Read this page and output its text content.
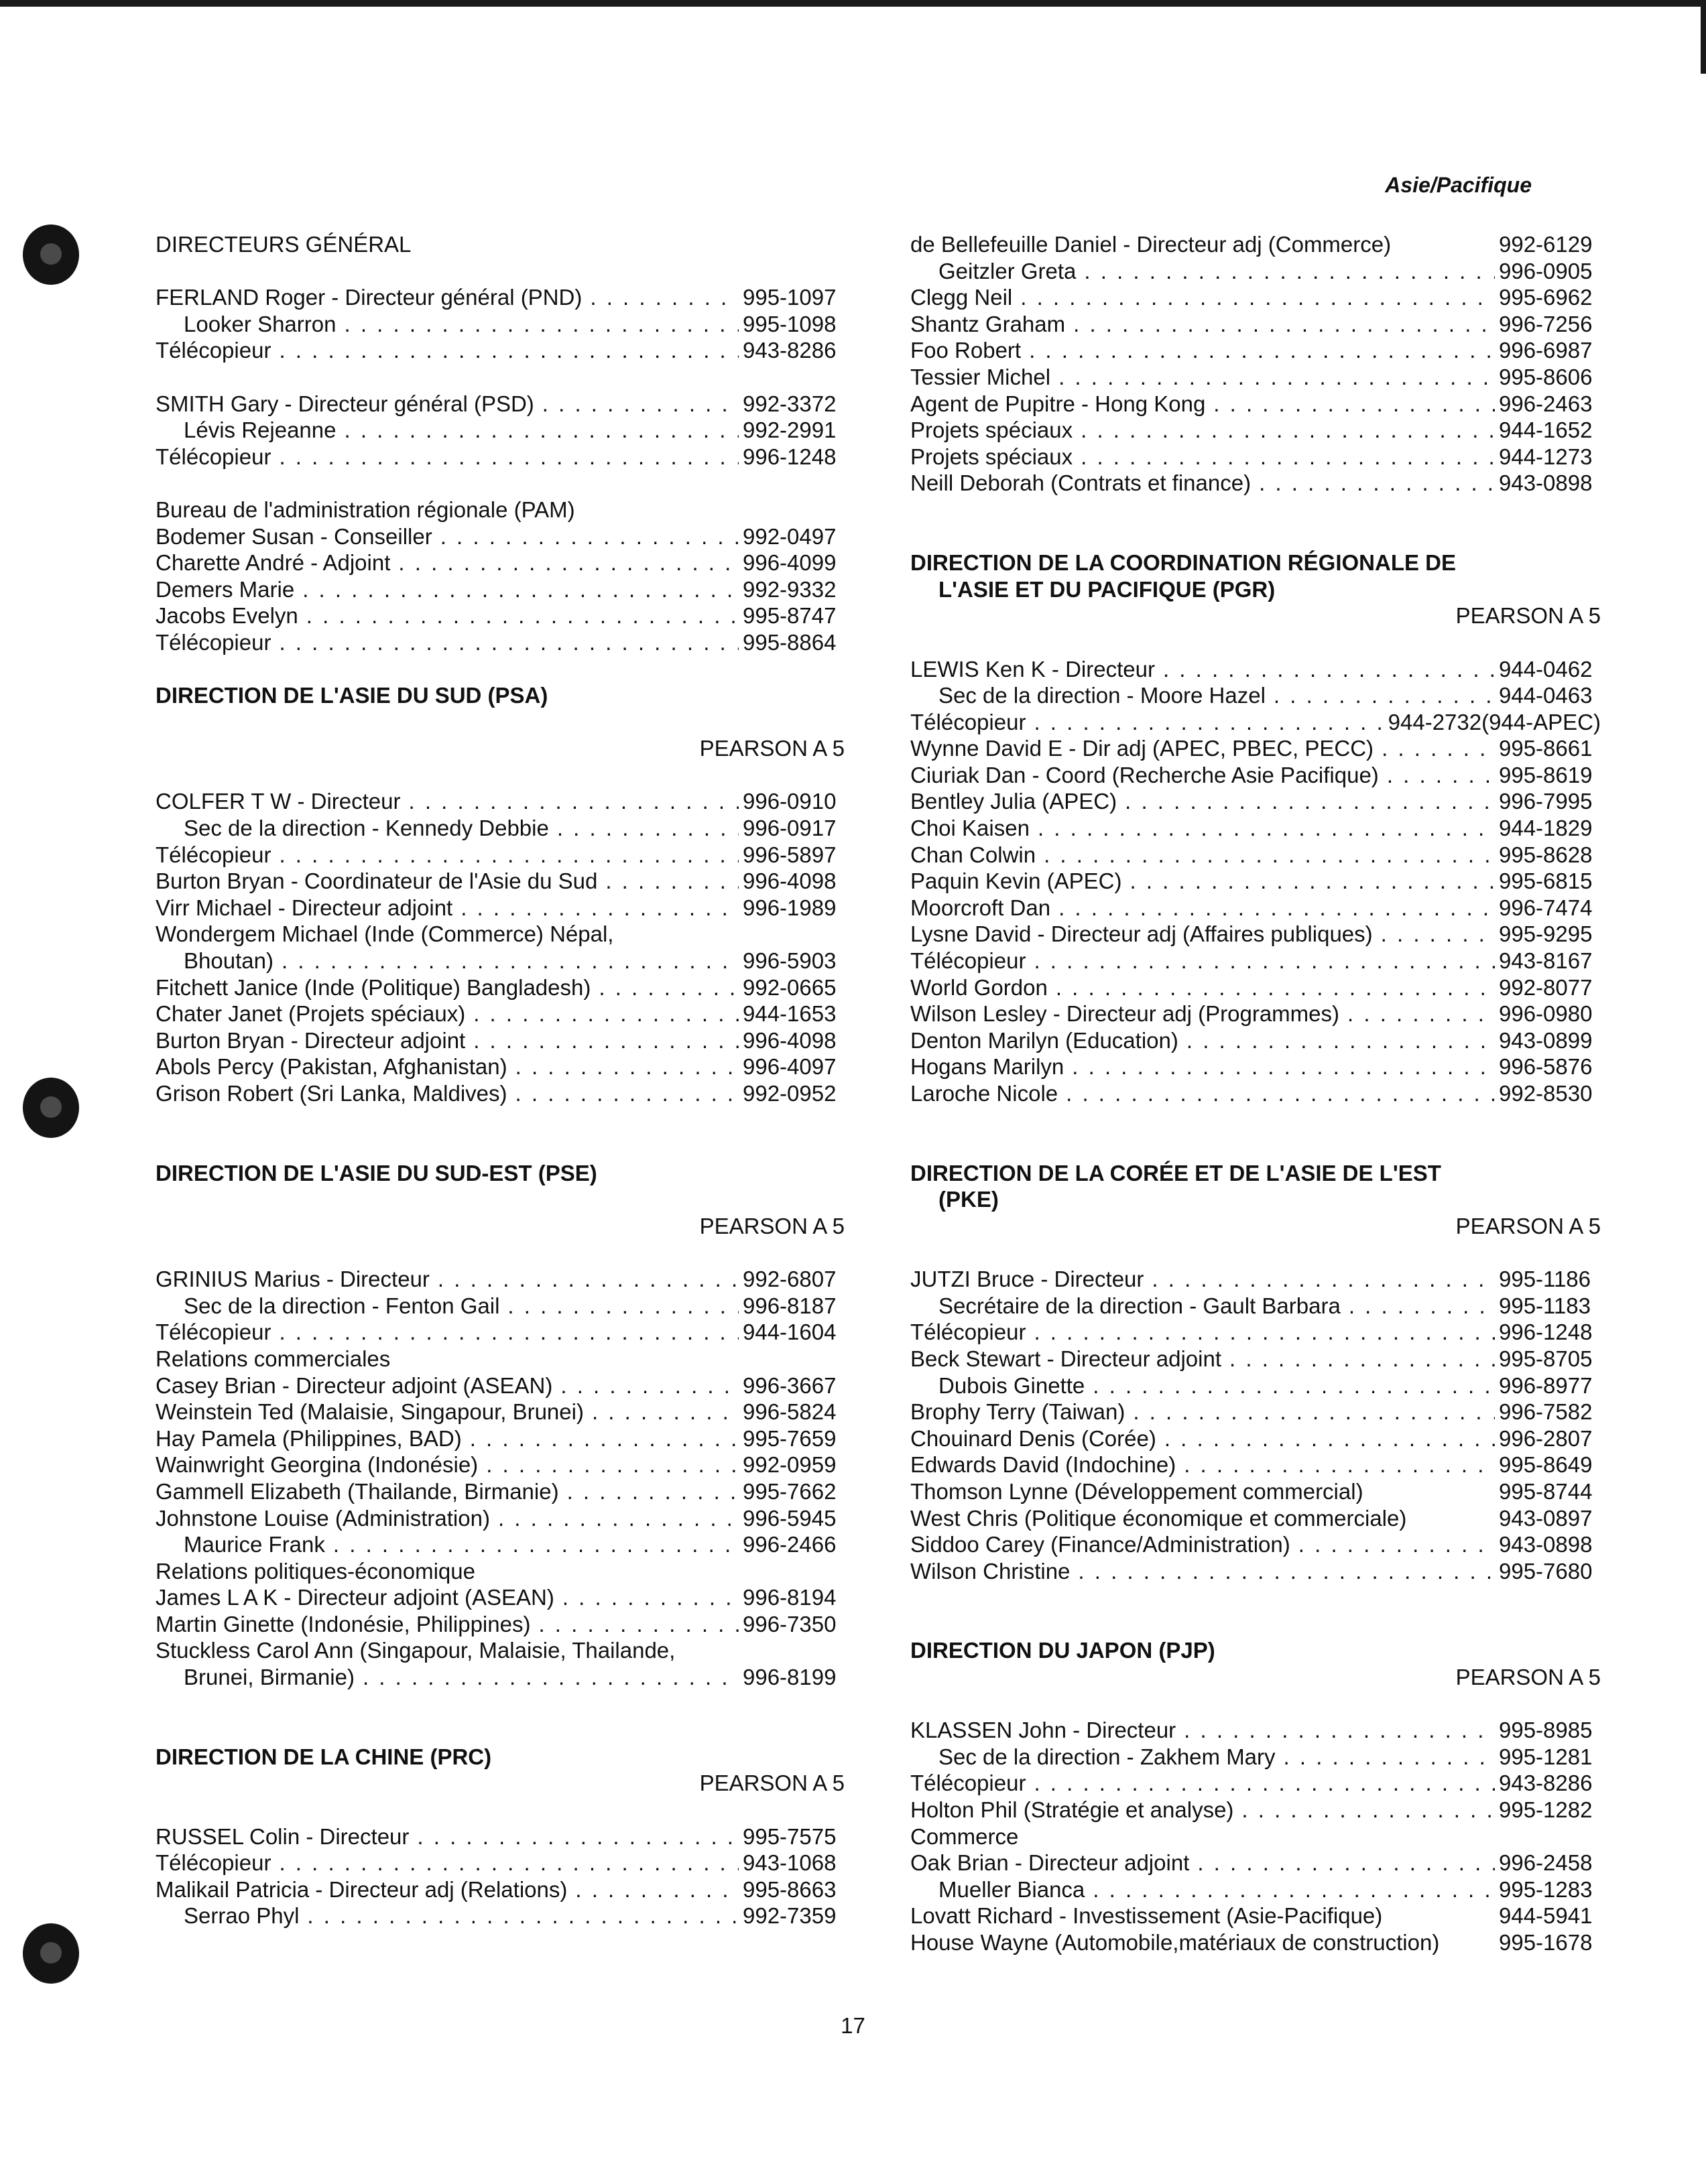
Asie/Pacifique
DIRECTEURS GÉNÉRAL
FERLAND Roger - Directeur général (PND) . . .	995-1097
Looker Sharron . . .	995-1098
Télécopieur . . .	943-8286
SMITH Gary - Directeur général (PSD) . . .	992-3372
Lévis Rejeanne . . .	992-2991
Télécopieur . . .	996-1248
Bureau de l'administration régionale (PAM)
Bodemer Susan - Conseiller . . .	992-0497
Charette André - Adjoint . . .	996-4099
Demers Marie . . .	992-9332
Jacobs Evelyn . . .	995-8747
Télécopieur . . .	995-8864
DIRECTION DE L'ASIE DU SUD (PSA)
PEARSON A 5
COLFER T W - Directeur . . .	996-0910
Sec de la direction - Kennedy Debbie . . .	996-0917
Télécopieur . . .	996-5897
Burton Bryan - Coordinateur de l'Asie du Sud . . .	996-4098
Virr Michael - Directeur adjoint . . .	996-1989
Wondergem Michael (Inde (Commerce) Népal,
Bhoutan) . . .	996-5903
Fitchett Janice (Inde (Politique) Bangladesh) . . .	992-0665
Chater Janet (Projets spéciaux) . . .	944-1653
Burton Bryan - Directeur adjoint . . .	996-4098
Abols Percy (Pakistan, Afghanistan) . . .	996-4097
Grison Robert (Sri Lanka, Maldives) . . .	992-0952
DIRECTION DE L'ASIE DU SUD-EST (PSE)
PEARSON A 5
GRINIUS Marius - Directeur . . .	992-6807
Sec de la direction - Fenton Gail . . .	996-8187
Télécopieur . . .	944-1604
Relations commerciales
Casey Brian - Directeur adjoint (ASEAN) . . .	996-3667
Weinstein Ted (Malaisie, Singapour, Brunei) . . .	996-5824
Hay Pamela (Philippines, BAD) . . .	995-7659
Wainwright Georgina (Indonésie) . . .	992-0959
Gammell Elizabeth (Thailande, Birmanie) . . .	995-7662
Johnstone Louise (Administration) . . .	996-5945
Maurice Frank . . .	996-2466
Relations politiques-économique
James L A K - Directeur adjoint (ASEAN) . . .	996-8194
Martin Ginette (Indonésie, Philippines) . . .	996-7350
Stuckless Carol Ann (Singapour, Malaisie, Thailande,
Brunei, Birmanie) . . .	996-8199
DIRECTION DE LA CHINE (PRC)
PEARSON A 5
RUSSEL Colin - Directeur . . .	995-7575
Télécopieur . . .	943-1068
Malikail Patricia - Directeur adj (Relations) . . .	995-8663
Serrao Phyl . . .	992-7359
de Bellefeuille Daniel - Directeur adj (Commerce)	992-6129
Geitzler Greta . . .	996-0905
Clegg Neil . . .	995-6962
Shantz Graham . . .	996-7256
Foo Robert . . .	996-6987
Tessier Michel . . .	995-8606
Agent de Pupitre - Hong Kong . . .	996-2463
Projets spéciaux . . .	944-1652
Projets spéciaux . . .	944-1273
Neill Deborah (Contrats et finance) . . .	943-0898
DIRECTION DE LA COORDINATION RÉGIONALE DE
L'ASIE ET DU PACIFIQUE (PGR)
PEARSON A 5
LEWIS Ken K - Directeur . . .	944-0462
Sec de la direction - Moore Hazel . . .	944-0463
Télécopieur . . .	944-2732(944-APEC)
Wynne David E - Dir adj (APEC, PBEC, PECC) . . .	995-8661
Ciuriak Dan - Coord (Recherche Asie Pacifique) . . .	995-8619
Bentley Julia (APEC) . . .	996-7995
Choi Kaisen . . .	944-1829
Chan Colwin . . .	995-8628
Paquin Kevin (APEC) . . .	995-6815
Moorcroft Dan . . .	996-7474
Lysne David - Directeur adj (Affaires publiques) . . .	995-9295
Télécopieur . . .	943-8167
World Gordon . . .	992-8077
Wilson Lesley - Directeur adj (Programmes) . . .	996-0980
Denton Marilyn (Education) . . .	943-0899
Hogans Marilyn . . .	996-5876
Laroche Nicole . . .	992-8530
DIRECTION DE LA CORÉE ET DE L'ASIE DE L'EST
(PKE)
PEARSON A 5
JUTZI Bruce - Directeur . . .	995-1186
Secrétaire de la direction - Gault Barbara . . .	995-1183
Télécopieur . . .	996-1248
Beck Stewart - Directeur adjoint . . .	995-8705
Dubois Ginette . . .	996-8977
Brophy Terry (Taiwan) . . .	996-7582
Chouinard Denis (Corée) . . .	996-2807
Edwards David (Indochine) . . .	995-8649
Thomson Lynne (Développement commercial)	995-8744
West Chris (Politique économique et commerciale)	943-0897
Siddoo Carey (Finance/Administration) . . .	943-0898
Wilson Christine . . .	995-7680
DIRECTION DU JAPON (PJP)
PEARSON A 5
KLASSEN John - Directeur . . .	995-8985
Sec de la direction - Zakhem Mary . . .	995-1281
Télécopieur . . .	943-8286
Holton Phil (Stratégie et analyse) . . .	995-1282
Commerce
Oak Brian - Directeur adjoint . . .	996-2458
Mueller Bianca . . .	995-1283
Lovatt Richard - Investissement (Asie-Pacifique)	944-5941
House Wayne (Automobile,matériaux de construction)	995-1678
17
